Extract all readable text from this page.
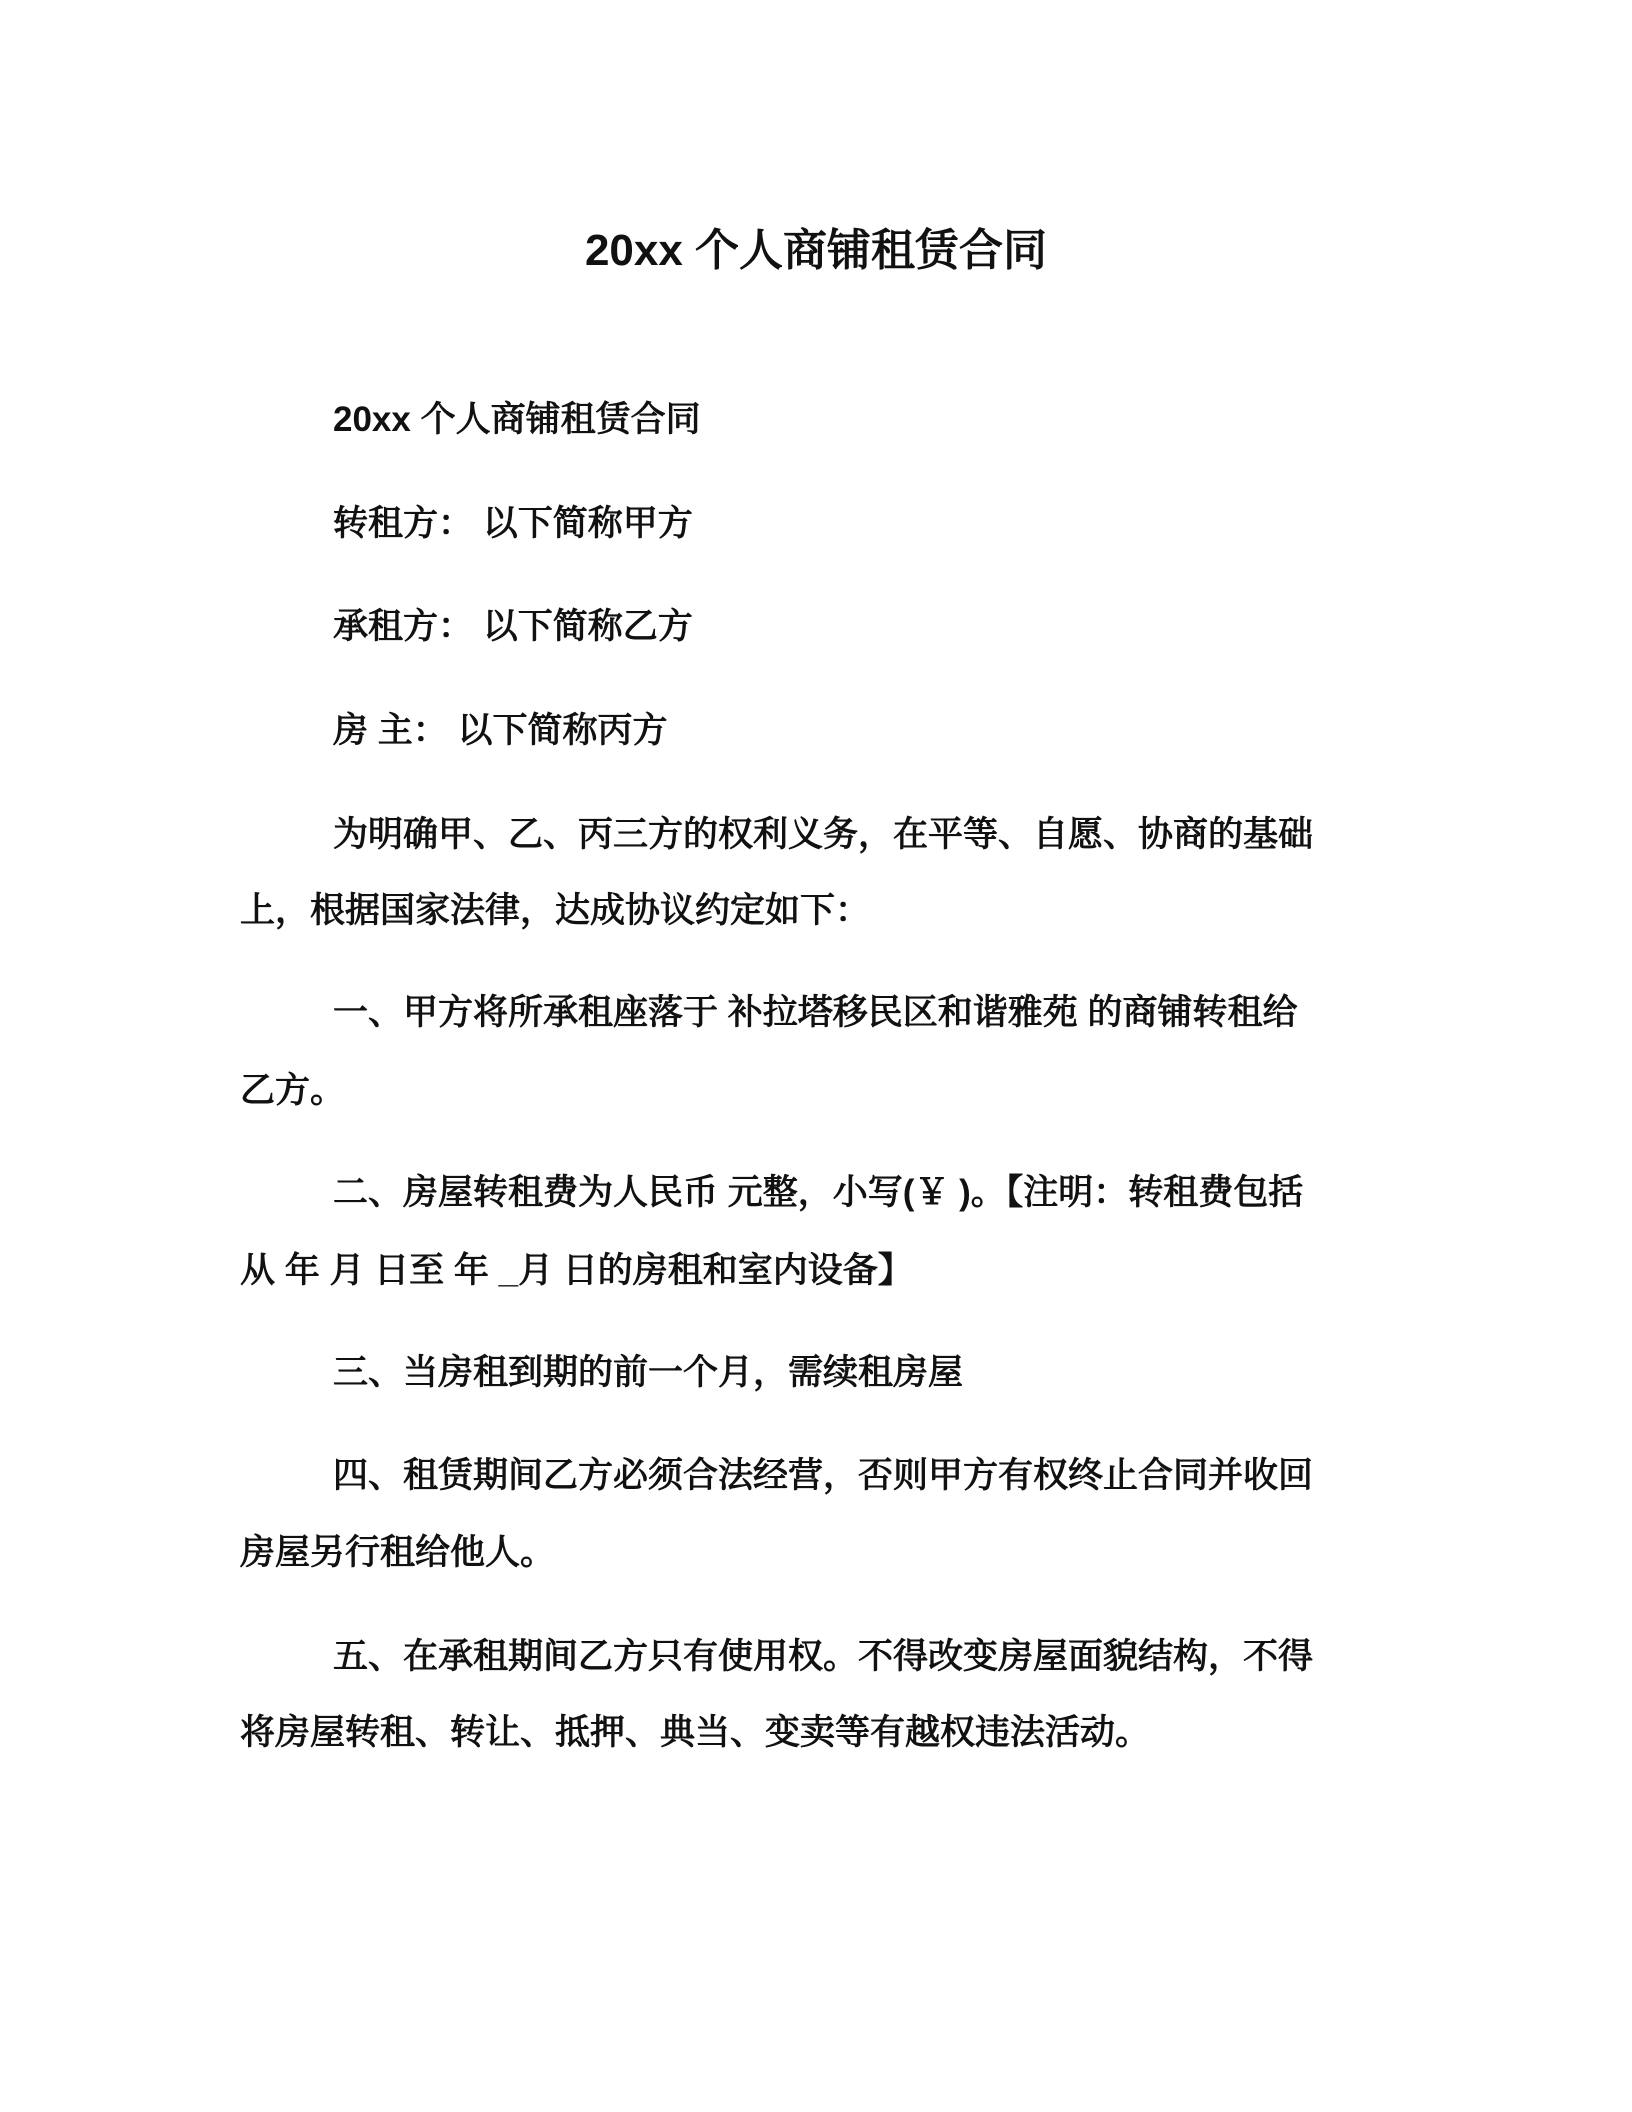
20xx 个人商铺租赁合同
20xx 个人商铺租赁合同
转租方： 以下简称甲方
承租方： 以下简称乙方
房 主： 以下简称丙方
为明确甲、乙、丙三方的权利义务，在平等、自愿、协商的基础
上，根据国家法律，达成协议约定如下：
一、甲方将所承租座落于 补拉塔移民区和谐雅苑 的商铺转租给
乙方。
二、房屋转租费为人民币 元整，小写(￥ )。【注明：转租费包括
从 年 月 日至 年 _月 日的房租和室内设备】
三、当房租到期的前一个月，需续租房屋
四、租赁期间乙方必须合法经营，否则甲方有权终止合同并收回
房屋另行租给他人。
五、在承租期间乙方只有使用权。不得改变房屋面貌结构，不得
将房屋转租、转让、抵押、典当、变卖等有越权违法活动。
